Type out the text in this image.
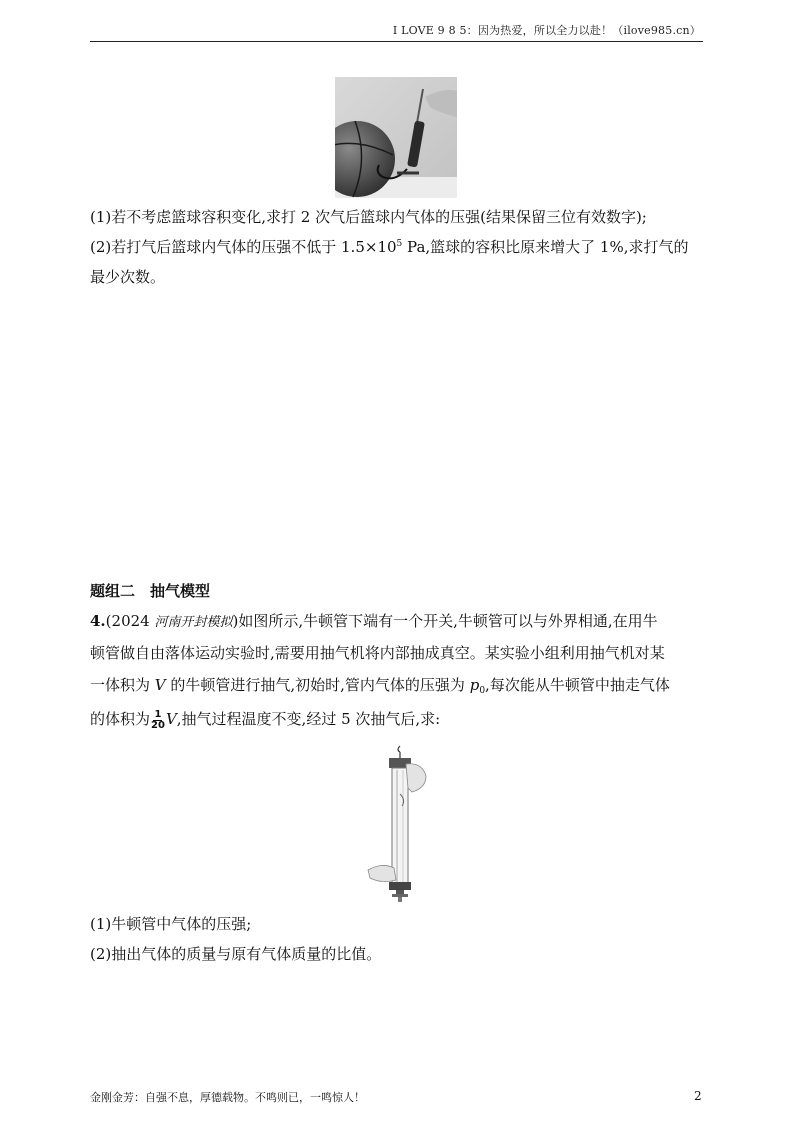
I LOVE 9 8 5：因为热爱，所以全力以赴！（ilove985.cn）
(1)若不考虑篮球容积变化,求打 2 次气后篮球内气体的压强(结果保留三位有效数字);
(2)若打气后篮球内气体的压强不低于 $1.5\times 10^5$ Pa,篮球的容积比原来增大了 1%,求打气的
最少次数。
题组二　抽气模型
4.(2024 河南开封模拟)如图所示,牛顿管下端有一个开关,牛顿管可以与外界相通,在用牛
顿管做自由落体运动实验时,需要用抽气机将内部抽成真空。某实验小组利用抽气机对某
一体积为 V 的牛顿管进行抽气,初始时,管内气体的压强为 $p_0$,每次能从牛顿管中抽走气体
的体积为 $\frac{1}{20} V$,抽气过程温度不变,经过 5 次抽气后,求:
(1)牛顿管中气体的压强;
(2)抽出气体的质量与原有气体质量的比值。
金刚金芳：自强不息，厚德载物。不鸣则已，一鸣惊人！	2
